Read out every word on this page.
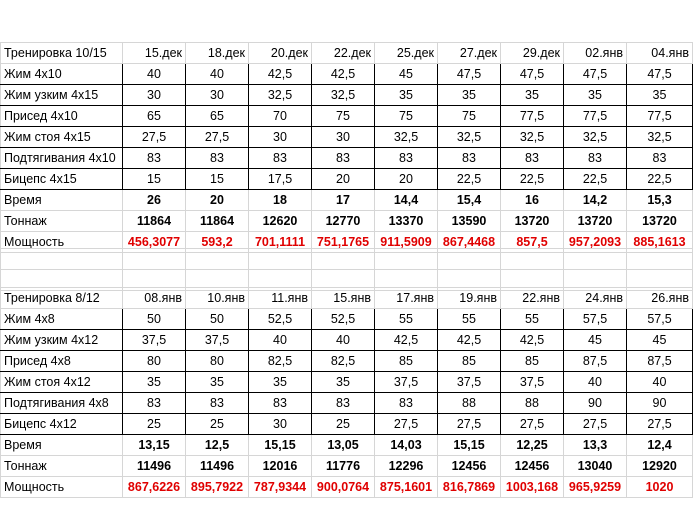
Тренировка 10/15	15.дек	18.дек	20.дек	22.дек	25.дек	27.дек	29.дек	02.янв	04.янв
Жим 4х10	40	40	42,5	42,5	45	47,5	47,5	47,5	47,5
Жим узким 4х15	30	30	32,5	32,5	35	35	35	35	35
Присед 4х10	65	65	70	75	75	75	77,5	77,5	77,5
Жим стоя 4х15	27,5	27,5	30	30	32,5	32,5	32,5	32,5	32,5
Подтягивания 4х10	83	83	83	83	83	83	83	83	83
Бицепс 4х15	15	15	17,5	20	20	22,5	22,5	22,5	22,5
Время	26	20	18	17	14,4	15,4	16	14,2	15,3
Тоннаж	11864	11864	12620	12770	13370	13590	13720	13720	13720
Мощность	456,3077	593,2	701,1111	751,1765	911,5909	867,4468	857,5	957,2093	885,1613

Тренировка 8/12	08.янв	10.янв	11.янв	15.янв	17.янв	19.янв	22.янв	24.янв	26.янв
Жим 4х8	50	50	52,5	52,5	55	55	55	57,5	57,5
Жим узким 4х12	37,5	37,5	40	40	42,5	42,5	42,5	45	45
Присед 4х8	80	80	82,5	82,5	85	85	85	87,5	87,5
Жим стоя 4х12	35	35	35	35	37,5	37,5	37,5	40	40
Подтягивания 4х8	83	83	83	83	83	88	88	90	90
Бицепс 4х12	25	25	30	25	27,5	27,5	27,5	27,5	27,5
Время	13,15	12,5	15,15	13,05	14,03	15,15	12,25	13,3	12,4
Тоннаж	11496	11496	12016	11776	12296	12456	12456	13040	12920
Мощность	867,6226	895,7922	787,9344	900,0764	875,1601	816,7869	1003,168	965,9259	1020
